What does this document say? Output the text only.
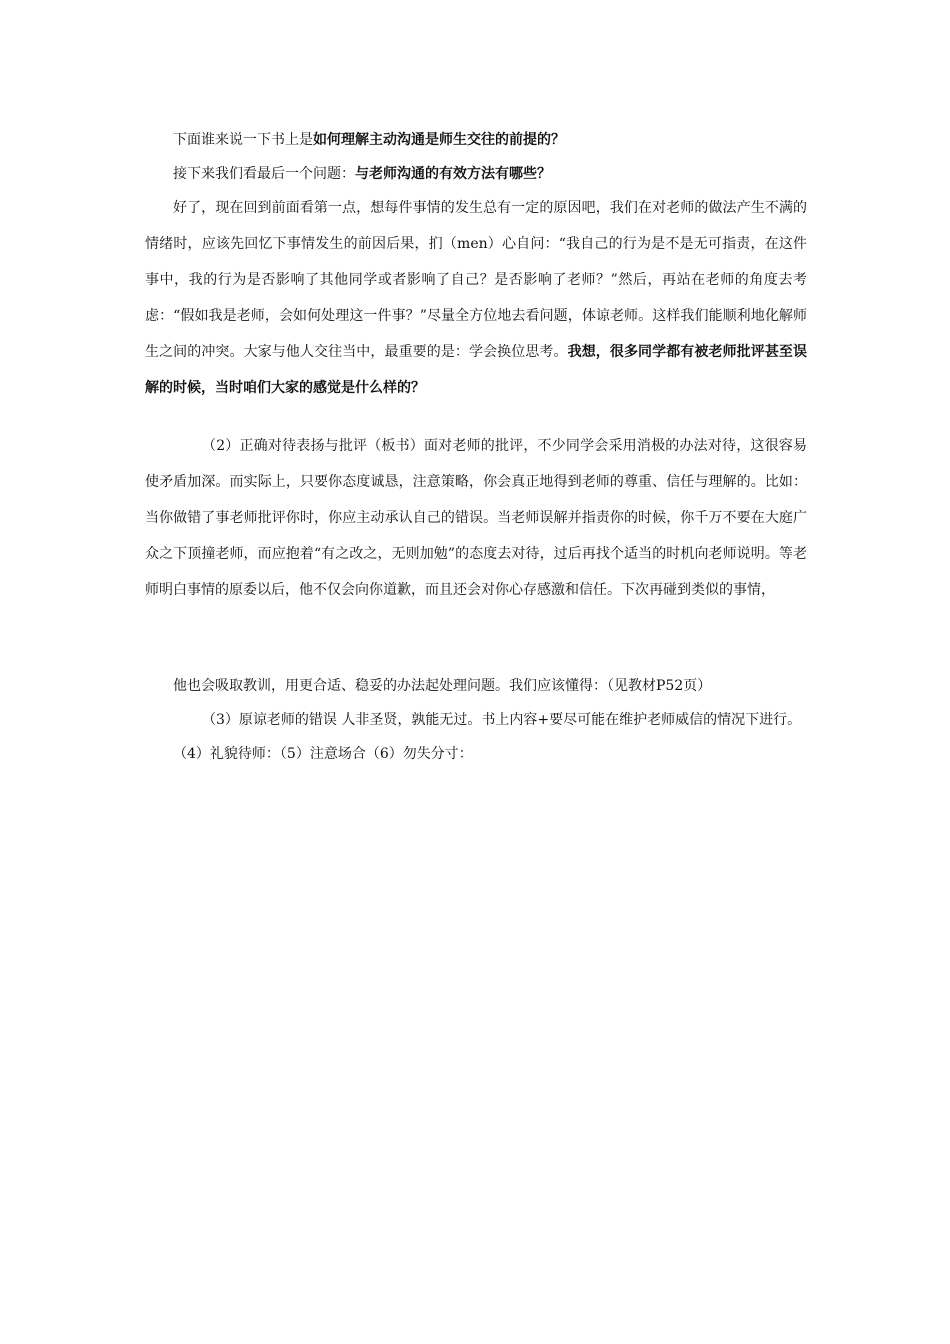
下面谁来说一下书上是如何理解主动沟通是师生交往的前提的？

接下来我们看最后一个问题：与老师沟通的有效方法有哪些？

好了，现在回到前面看第一点，想每件事情的发生总有一定的原因吧，我们在对老师的做法产生不满的情绪时，应该先回忆下事情发生的前因后果，扪（men）心自问：“我自己的行为是不是无可指责，在这件事中，我的行为是否影响了其他同学或者影响了自己？是否影响了老师？”然后，再站在老师的角度去考虑：“假如我是老师，会如何处理这一件事？”尽量全方位地去看问题，体谅老师。这样我们能顺利地化解师生之间的冲突。大家与他人交往当中，最重要的是：学会换位思考。我想，很多同学都有被老师批评甚至误解的时候，当时咱们大家的感觉是什么样的？

（2）正确对待表扬与批评（板书）面对老师的批评，不少同学会采用消极的办法对待，这很容易使矛盾加深。而实际上，只要你态度诚恳，注意策略，你会真正地得到老师的尊重、信任与理解的。比如：当你做错了事老师批评你时，你应主动承认自己的错误。当老师误解并指责你的时候，你千万不要在大庭广众之下顶撞老师，而应抱着“有之改之，无则加勉”的态度去对待，过后再找个适当的时机向老师说明。等老师明白事情的原委以后，他不仅会向你道歉，而且还会对你心存感激和信任。下次再碰到类似的事情，

他也会吸取教训，用更合适、稳妥的办法起处理问题。我们应该懂得：（见教材P52页）

（3）原谅老师的错误 人非圣贤，孰能无过。书上内容+要尽可能在维护老师威信的情况下进行。

（4）礼貌待师：（5）注意场合（6）勿失分寸：
